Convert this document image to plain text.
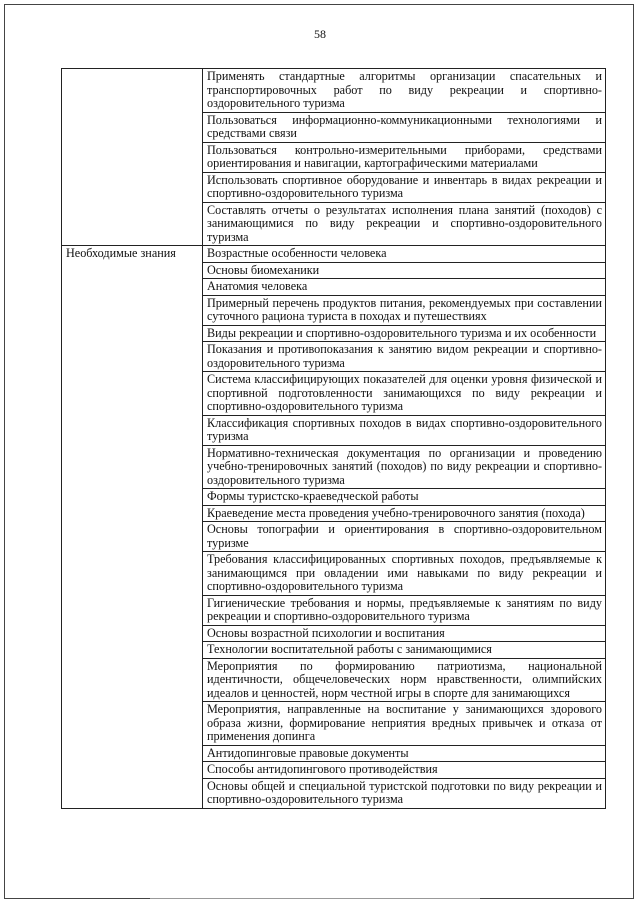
58

	Применять стандартные алгоритмы организации спасательных и транспортировочных работ по виду рекреации и спортивно-оздоровительного туризма

	Пользоваться информационно-коммуникационными технологиями и средствами связи

	Пользоваться контрольно-измерительными приборами, средствами ориентирования и навигации, картографическими материалами

	Использовать спортивное оборудование и инвентарь в видах рекреации и спортивно-оздоровительного туризма

	Составлять отчеты о результатах исполнения плана занятий (походов) с занимающимися по виду рекреации и спортивно-оздоровительного туризма

Необходимые знания	Возрастные особенности человека

	Основы биомеханики

	Анатомия человека

	Примерный перечень продуктов питания, рекомендуемых при составлении суточного рациона туриста в походах и путешествиях

	Виды рекреации и спортивно-оздоровительного туризма и их особенности

	Показания и противопоказания к занятию видом рекреации и спортивно-оздоровительного туризма

	Система классифицирующих показателей для оценки уровня физической и спортивной подготовленности занимающихся по виду рекреации и спортивно-оздоровительного туризма

	Классификация спортивных походов в видах спортивно-оздоровительного туризма

	Нормативно-техническая документация по организации и проведению учебно-тренировочных занятий (походов) по виду рекреации и спортивно-оздоровительного туризма

	Формы туристско-краеведческой работы

	Краеведение места проведения учебно-тренировочного занятия (похода)

	Основы топографии и ориентирования в спортивно-оздоровительном туризме

	Требования классифицированных спортивных походов, предъявляемые к занимающимся при овладении ими навыками по виду рекреации и спортивно-оздоровительного туризма

	Гигиенические требования и нормы, предъявляемые к занятиям по виду рекреации и спортивно-оздоровительного туризма

	Основы возрастной психологии и воспитания

	Технологии воспитательной работы с занимающимися

	Мероприятия по формированию патриотизма, национальной идентичности, общечеловеческих норм нравственности, олимпийских идеалов и ценностей, норм честной игры в спорте для занимающихся

	Мероприятия, направленные на воспитание у занимающихся здорового образа жизни, формирование неприятия вредных привычек и отказа от применения допинга

	Антидопинговые правовые документы

	Способы антидопингового противодействия

	Основы общей и специальной туристской подготовки по виду рекреации и спортивно-оздоровительного туризма
